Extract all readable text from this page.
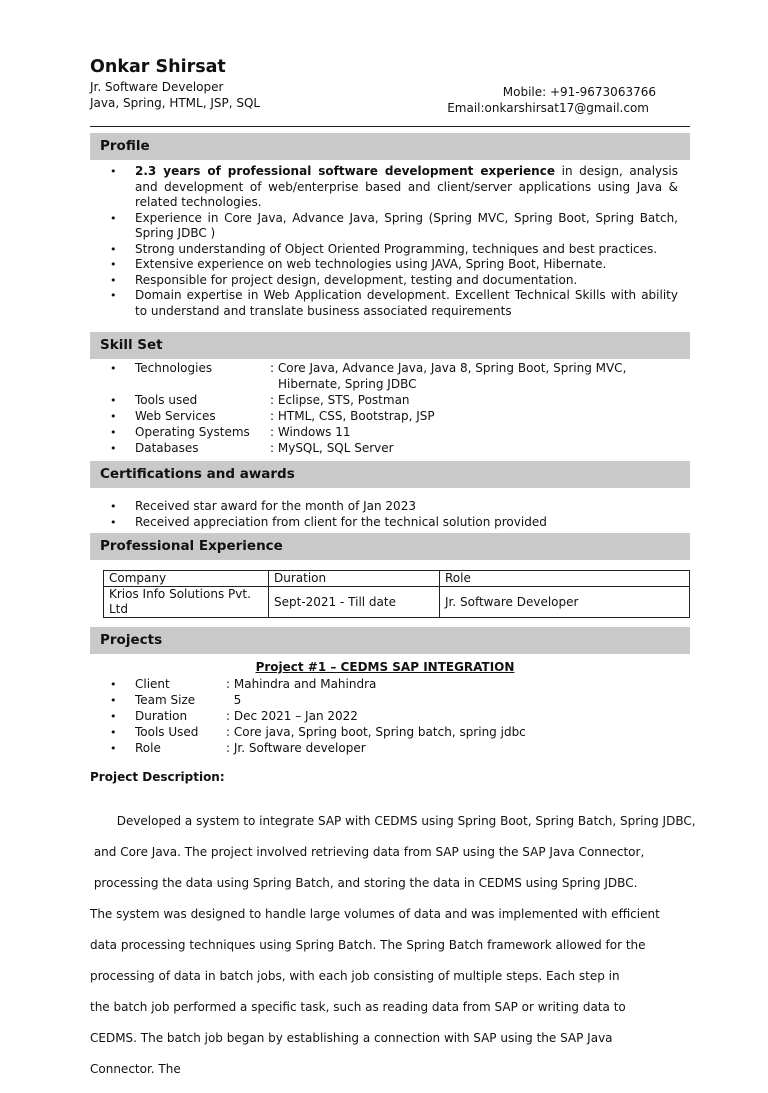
Onkar Shirsat
Jr. Software Developer
Java, Spring, HTML, JSP, SQL
Mobile: +91-9673063766
Email:onkarshirsat17@gmail.com
Profile
• 2.3 years of professional software development experience in design, analysis and development of web/enterprise based and client/server applications using Java & related technologies.
• Experience in Core Java, Advance Java, Spring (Spring MVC, Spring Boot, Spring Batch, Spring JDBC )
• Strong understanding of Object Oriented Programming, techniques and best practices.
• Extensive experience on web technologies using JAVA, Spring Boot, Hibernate.
• Responsible for project design, development, testing and documentation.
• Domain expertise in Web Application development. Excellent Technical Skills with ability to understand and translate business associated requirements
Skill Set
• Technologies	: Core Java, Advance Java, Java 8, Spring Boot, Spring MVC,
Hibernate, Spring JDBC
• Tools used	: Eclipse, STS, Postman
• Web Services	: HTML, CSS, Bootstrap, JSP
• Operating Systems : Windows 11
• Databases	: MySQL, SQL Server
Certifications and awards
• Received star award for the month of Jan 2023
• Received appreciation from client for the technical solution provided
Professional Experience
Company	Duration	Role
Krios Info Solutions Pvt. Ltd	Sept-2021 - Till date	Jr. Software Developer
Projects
Project #1 – CEDMS SAP INTEGRATION
• Client	: Mahindra and Mahindra
• Team Size	5
• Duration	: Dec 2021 – Jan 2022
• Tools Used : Core java, Spring boot, Spring batch, spring jdbc
• Role	: Jr. Software developer
Project Description:

Developed a system to integrate SAP with CEDMS using Spring Boot, Spring Batch, Spring JDBC,

and Core Java. The project involved retrieving data from SAP using the SAP Java Connector,

processing the data using Spring Batch, and storing the data in CEDMS using Spring JDBC.

The system was designed to handle large volumes of data and was implemented with efficient

data processing techniques using Spring Batch. The Spring Batch framework allowed for the

processing of data in batch jobs, with each job consisting of multiple steps. Each step in

the batch job performed a specific task, such as reading data from SAP or writing data to

CEDMS. The batch job began by establishing a connection with SAP using the SAP Java

Connector. The
